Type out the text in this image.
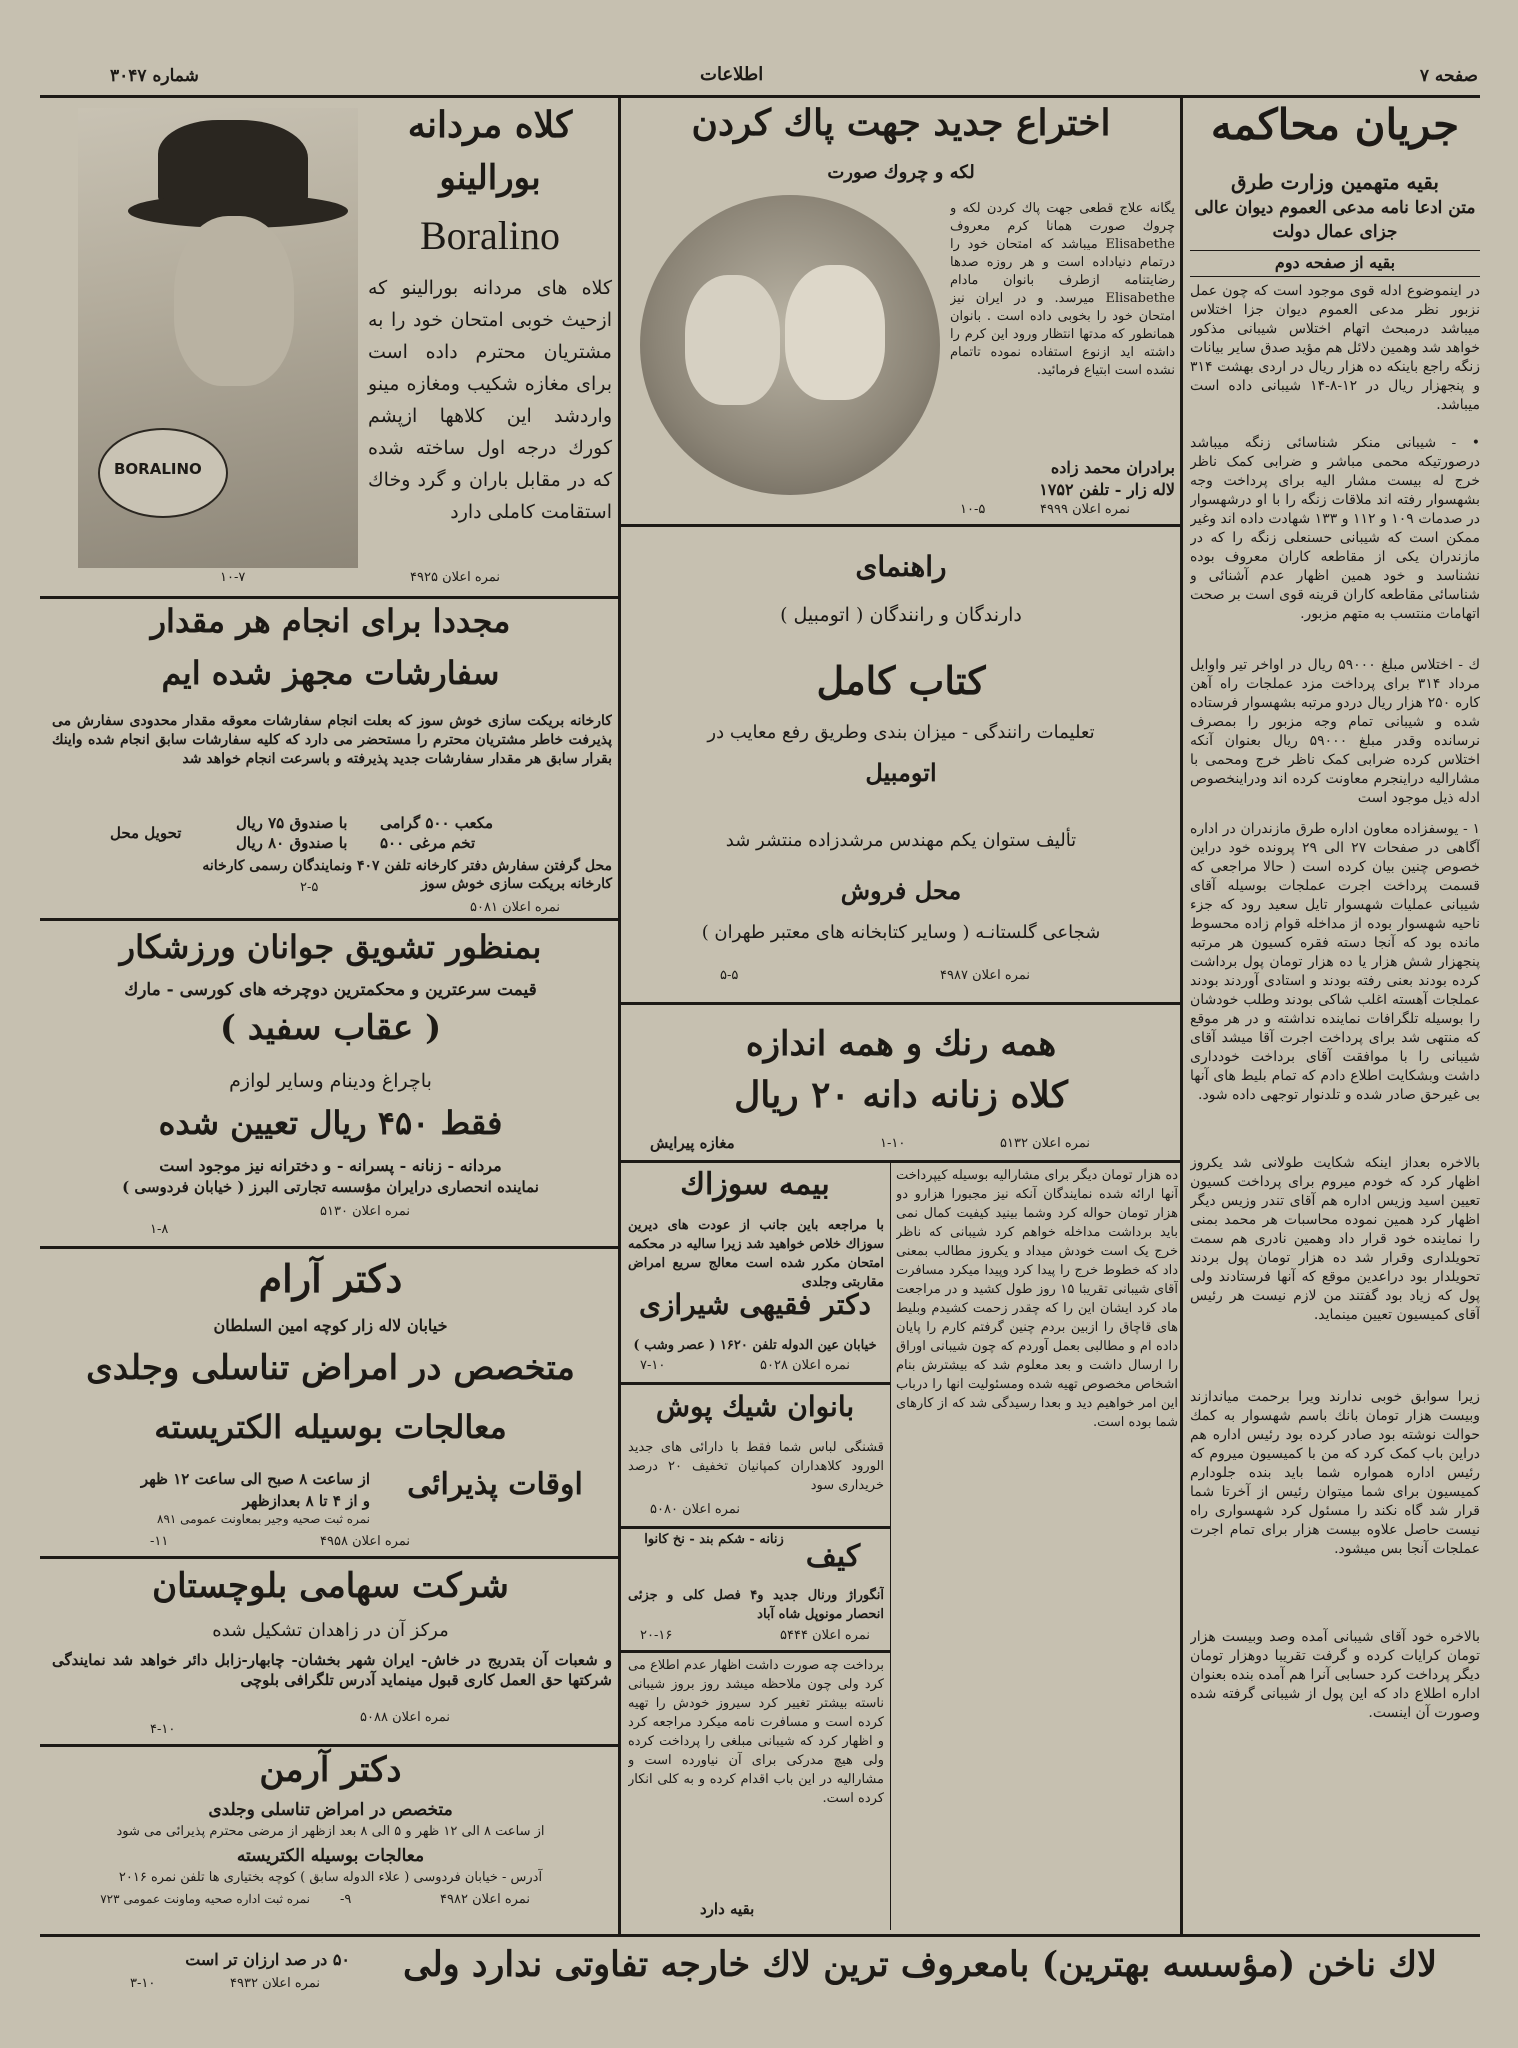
صفحه ۷
اطلاعات
شماره ۳۰۴۷
جریان محاکمه
بقیه متهمین وزارت طرق
متن ادعا نامه مدعی العموم دیوان عالی
جزای عمال دولت
بقیه از صفحه دوم
در اینموضوع ادله قوی موجود است که چون عمل نزبور نظر مدعی العموم دیوان جزا اختلاس میباشد درمبحث اتهام اختلاس شیبانی مذکور خواهد شد وهمین دلائل هم مؤید صدق سایر بیانات زنگه راجع باینکه ده هزار ریال در اردی بهشت ۳۱۴ و پنجهزار ریال در ۱۲-۸-۱۴ شیبانی داده است میباشد.
• - شیبانی منکر شناسائی زنگه میباشد درصورتیکه محمی مباشر و ضرابی کمک ناظر خرج له بیست مشار الیه برای پرداخت وجه بشهسوار رفته اند ملاقات زنگه را با او درشهسوار در صدمات ۱۰۹ و ۱۱۲ و ۱۳۳ شهادت داده اند وغیر ممکن است که شیبانی حسنعلی زنگه را که در مازندران یکی از مقاطعه کاران معروف بوده نشناسد و خود همین اظهار عدم آشنائی و شناسائی مقاطعه کاران قرینه قوی است بر صحت اتهامات منتسب به متهم مزبور.
ك - اختلاس مبلغ ۵۹۰۰۰ ریال در اواخر تیر واوایل مرداد ۳۱۴ برای پرداخت مزد عملجات راه آهن کاره ۲۵۰ هزار ریال دردو مرتبه بشهسوار فرستاده شده و شیبانی تمام وجه مزبور را بمصرف نرسانده وقدر مبلغ ۵۹۰۰۰ ریال بعنوان آنکه اختلاس کرده ضرابی کمک ناظر خرج ومحمی با مشارالیه دراینجرم معاونت کرده اند ودراینخصوص ادله ذیل موجود است
۱ - یوسفزاده معاون اداره طرق مازندران در اداره آگاهی در صفحات ۲۷ الی ۲۹ پرونده خود دراین خصوص چنین بیان کرده است ( حالا مراجعی که قسمت پرداخت اجرت عملجات بوسیله آقای شیبانی عملیات شهسوار تایل سعید رود که جزء ناحیه شهسوار بوده از مداخله قوام زاده محسوط مانده بود که آنجا دسته فقره کسیون هر مرتبه پنجهزار شش هزار یا ده هزار تومان پول برداشت کرده بودند بعنی رفته بودند و استادی آوردند بودند عملجات آهسته اغلب شاکی بودند وطلب خودشان را بوسیله تلگرافات نماینده نداشته و در هر موقع که منتهی شد برای پرداخت اجرت آقا میشد آقای شیبانی را با موافقت آقای برداخت خودداری داشت وبشکایت اطلاع دادم که تمام بلیط های آنها بی غیرحق صادر شده و تلدنوار توجهی داده شود.
بالاخره بعداز اینکه شکایت طولانی شد یکروز اظهار کرد که خودم میروم برای پرداخت کسیون تعیین اسید وزیس اداره هم آقای تندر وزیس دیگر اظهار کرد همین نموده محاسبات هر محمد بمنی را نماینده خود قرار داد وهمین نادری هم سمت تحویلداری وقرار شد ده هزار تومان پول بردند تحویلدار بود دراعدین موقع که آنها فرستادند ولی پول که زیاد بود گفتند من لازم نیست هر رئیس آقای کمیسیون تعیین مینماید.
زیرا سوابق خوبی ندارند ویرا برحمت میاندازند وبیست هزار تومان بانك باسم شهسوار به کمك حوالت نوشته بود صادر کرده بود رئیس اداره هم دراین باب کمک کرد که من با کمیسیون میروم که رئیس اداره همواره شما بايد بنده جلودارم کمیسیون برای شما میتوان رئیس از آخرتا شما قرار شد گاه نکند را مسئول کرد شهسواری راه نیست حاصل علاوه بیست هزار برای تمام اجرت عملجات آنجا بس میشود.
بالاخره خود آقای شیبانی آمده وصد وبیست هزار تومان کرایات کرده و گرفت تقریبا دوهزار تومان دیگر پرداخت کرد حسابی آنرا هم آمده بنده بعنوان اداره اطلاع داد که این پول از شیبانی گرفته شده وصورت آن اینست.
BORALINO
کلاه مردانه
بورالینو
Boralino
کلاه های مردانه بورالینو که ازحیث خوبی امتحان خود را به مشتریان محترم داده است برای مغازه شکیب ومغازه مینو واردشد این کلاهها ازپشم کورك درجه اول ساخته شده که در مقابل باران و گرد وخاك استقامت کاملی دارد
نمره اعلان ۴۹۲۵
۱۰-۷
اختراع جدید جهت پاك كردن
لکه و چروك صورت
یگانه علاج قطعی جهت پاك کردن لکه و چروك صورت همانا کرم معروف Elisabethe میباشد که امتحان خود را درتمام دنیاداده است و هر روزه صدها رضایتنامه ازطرف بانوان مادام Elisabethe میرسد. و در ایران نیز امتحان خود را بخوبی داده است . بانوان همانطور که مدتها انتظار ورود این کرم را داشته اید ازنوع استفاده نموده تاتمام نشده است ابتیاع فرمائید.
برادران محمد زاده
لاله زار - تلفن ۱۷۵۲
نمره اعلان ۴۹۹۹
۱۰-۵
راهنمای
دارندگان و رانندگان ( اتومبیل )
کتاب کامل
تعلیمات رانندگی - میزان بندی وطریق رفع معایب در
اتومبیل
تألیف ستوان یکم مهندس مرشدزاده منتشر شد
محل فروش
شجاعی گلستانـه ( وسایر کتابخانه های معتبر طهران )
نمره اعلان ۴۹۸۷
۵-۵
همه رنك و همه اندازه
كلاه زنانه دانه ۲۰ ریال
نمره اعلان ۵۱۳۲
۱-۱۰
مغازه پیرایش
مجددا برای انجام هر مقدار
سفارشات مجهز شده ایم
کارخانه بریکت سازی خوش سوز که بعلت انجام سفارشات معوقه مقدار محدودی سفارش می پذیرفت خاطر مشتریان محترم را مستحضر می دارد که کلیه سفارشات سابق انجام شده واینك بقرار سابق هر مقدار سفارشات جدید پذیرفته و باسرعت انجام خواهد شد
مکعب ۵۰۰ گرامی
با صندوق ۷۵ ریال
تخم مرغی ۵۰۰
با صندوق ۸۰ ریال
تحویل محل
محل گرفتن سفارش دفتر کارخانه تلفن ۴۰۷ ونمایندگان رسمی کارخانه
کارخانه بریکت سازی خوش سوز
نمره اعلان ۵۰۸۱
۲-۵
بمنظور تشویق جوانان ورزشکار
قیمت سرعترین و محکمترین دوچرخه های کورسی - مارك
( عقاب سفید )
باچراغ ودینام وسایر لوازم
فقط ۴۵۰ ریال تعیین شده
مردانه - زنانه - پسرانه - و دخترانه نیز موجود است
نماینده انحصاری درایران مؤسسه تجارتی البرز ( خیابان فردوسی )
نمره اعلان ۵۱۳۰
۱-۸
دکتر آرام
خیابان لاله زار کوچه امین السلطان
متخصص در امراض تناسلی وجلدی
معالجات بوسیله الکتریسته
اوقات پذیرائی
از ساعت ۸ صبح الی ساعت ۱۲ ظهر
و از ۴ تا ۸ بعدازظهر
نمره ثبت صحیه وجیر بمعاونت عمومی ۸۹۱
نمره اعلان ۴۹۵۸
۱۱-
شرکت سهامی بلوچستان
مرکز آن در زاهدان تشکیل شده
و شعبات آن بتدریج در خاش- ایران شهر بخشان- چابهار-زابل دائر خواهد شد نمایندگی شرکتها حق العمل کاری قبول مینماید آدرس تلگرافی بلوچی
نمره اعلان ۵۰۸۸
۴-۱۰
دکتر آرمن
متخصص در امراض تناسلی وجلدی
از ساعت ۸ الی ۱۲ ظهر و ۵ الی ۸ بعد ازظهر از مرضی محترم پذیرائی می شود
معالجات بوسیله الکتریسته
آدرس - خیابان فردوسی ( علاء الدوله سابق ) کوچه بختیاری ها تلفن نمره ۲۰۱۶
نمره ثبت اداره صحیه وماونت عمومی ۷۲۳	نمره اعلان ۴۹۸۲
۹-
ده هزار تومان دیگر برای مشارالیه بوسیله کیپرداخت آنها ارائه شده نمایندگان آنکه نیز مجبورا هزارو دو هزار تومان حواله کرد وشما بینید کیفیت کمال نمی باید برداشت مداخله خواهم کرد شیبانی که ناظر خرج یک است خودش میداد و یکروز مطالب بمعنی داد که خطوط خرج را پیدا کرد وپیدا میکرد مسافرت آقای شیبانی تقریبا ۱۵ روز طول کشید و در مراجعت ماد کرد ایشان این را که چقدر زحمت کشیدم وبلیط های قاچاق را ازبین بردم چنین گرفتم کارم را پایان داده ام و مطالبی بعمل آوردم که چون شیبانی اوراق را ارسال داشت و بعد معلوم شد که بیشترش بنام اشخاص مخصوص تهیه شده ومسئولیت انها را درباب این امر خواهیم دید و بعدا رسیدگی شد که از کارهای شما بوده است.
بیمه سوزاك
با مراجعه باین جانب از عودت های دیرین سوزاك خلاص خواهید شد زیرا سالیه در محکمه امتحان مکرر شده است معالج سریع امراض مقاربتی وجلدی
دکتر فقیهی شیرازی
خیابان عین الدوله تلفن ۱۶۲۰ ( عصر وشب )
نمره اعلان ۵۰۲۸
۷-۱۰
بانوان شیك پوش
قشنگی لباس شما فقط با دارائی های جدید الورود کلاهداران کمپانیان تخفیف ۲۰ درصد خریداری سود
نمره اعلان ۵۰۸۰
کیف
زنانه - شکم بند - نخ کانوا
آنگوراژ ورنال جدید و۴ فصل کلی و جزئی انحصار مونوپل شاه آباد
نمره اعلان ۵۴۴۴
۲۰-۱۶
برداخت چه صورت داشت اظهار عدم اطلاع می کرد ولی چون ملاحظه میشد روز بروز شیبانی ناسته بیشتر تغییر کرد سیروز خودش را تهیه کرده است و مسافرت نامه میکرد مراجعه کرد و اظهار کرد که شیبانی مبلغی را پرداخت کرده ولی هیچ مدرکی برای آن نیاورده است و مشارالیه در این باب اقدام کرده و به کلی انکار کرده است.
بقیه دارد
لاك ناخن (مؤسسه بهترین) بامعروف ترین لاك خارجه تفاوتی ندارد ولی
۵۰ در صد ارزان تر است
نمره اعلان ۴۹۳۲
۳-۱۰
